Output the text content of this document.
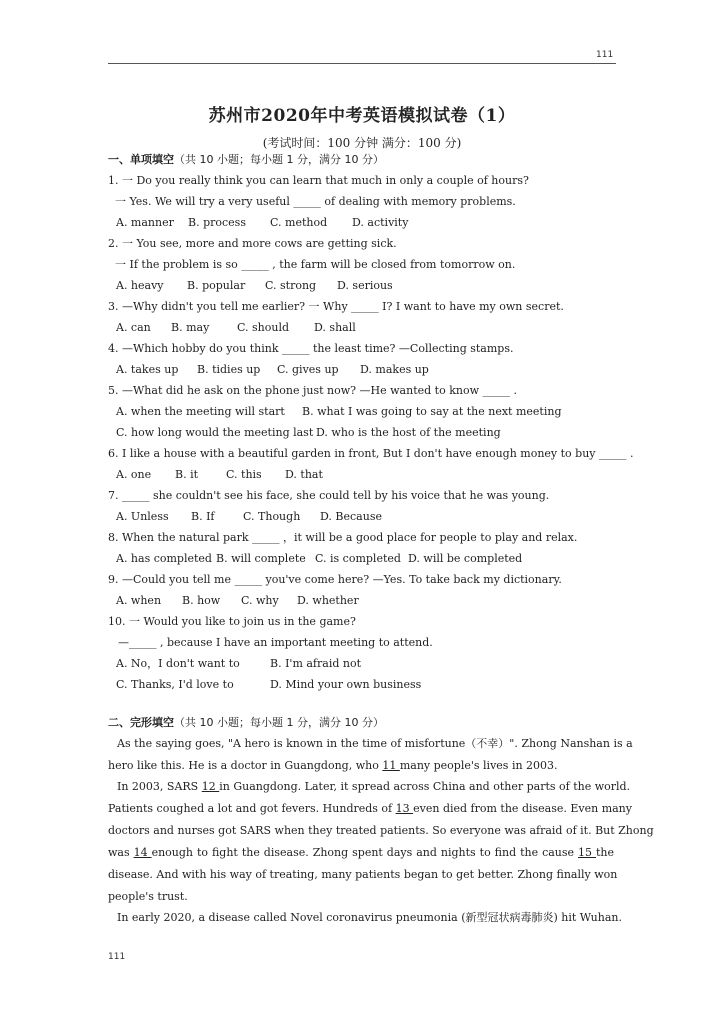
111
苏州市2020年中考英语模拟试卷（1）
(考试时间：100 分钟 满分：100 分)
一、单项填空（共 10 小题；每小题 1 分，满分 10 分）
1. 一 Do you really think you can learn that much in only a couple of hours?
一 Yes. We will try a very useful _____ of dealing with memory problems.
A. manner B. process C. method D. activity
2. 一 You see, more and more cows are getting sick.
一 If the problem is so _____ , the farm will be closed from tomorrow on.
A. heavy B. popular C. strong D. serious
3. —Why didn't you tell me earlier? 一 Why _____ I? I want to have my own secret.
A. can B. may	C. should D. shall
4. —Which hobby do you think _____ the least time? —Collecting stamps.
A. takes up B. tidies up C. gives up D. makes up
5. —What did he ask on the phone just now? —He wanted to know _____ .
A. when the meeting will start B. what I was going to say at the next meeting
C. how long would the meeting last D. who is the host of the meeting
6. I like a house with a beautiful garden in front, But I don't have enough money to buy _____ .
A. one B. it	C. this D. that
7. _____ she couldn't see his face, she could tell by his voice that he was young.
A. Unless B. If	C. Though D. Because
8. When the natural park _____ ，it will be a good place for people to play and relax.
A. has completed B. will complete C. is completed D. will be completed
9. —Could you tell me _____ you've come here? —Yes. To take back my dictionary.
A. when B. how C. why D. whether
10. 一 Would you like to join us in the game?
—_____ , because I have an important meeting to attend.
A. No，I don't want to	B. I'm afraid not
C. Thanks, I'd love to	D. Mind your own business
二、完形填空（共 10 小题；每小题 1 分，满分 10 分）
As the saying goes, "A hero is known in the time of misfortune（不幸）". Zhong Nanshan is a
hero like this. He is a doctor in Guangdong, who 11 many people's lives in 2003.
In 2003, SARS 12 in Guangdong. Later, it spread across China and other parts of the world.
Patients coughed a lot and got fevers. Hundreds of 13 even died from the disease. Even many
doctors and nurses got SARS when they treated patients. So everyone was afraid of it. But Zhong
was 14 enough to fight the disease. Zhong spent days and nights to find the cause 15 the
disease. And with his way of treating, many patients began to get better. Zhong finally won
people's trust.
In early 2020, a disease called Novel coronavirus pneumonia (新型冠状病毒肺炎) hit Wuhan.
111
